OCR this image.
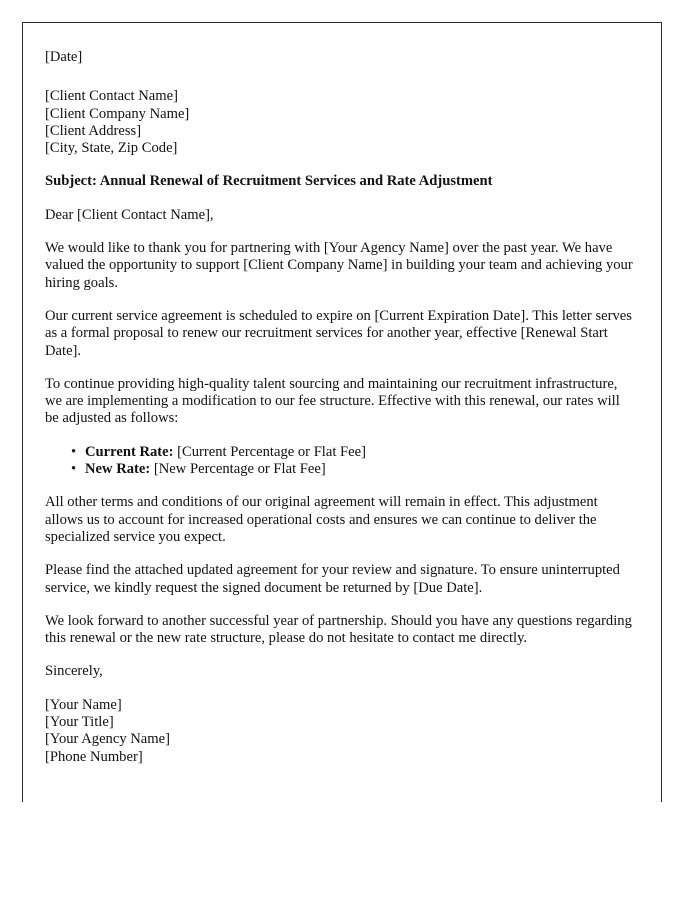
[Date]
[Client Contact Name]
[Client Company Name]
[Client Address]
[City, State, Zip Code]
Subject: Annual Renewal of Recruitment Services and Rate Adjustment
Dear [Client Contact Name],

We would like to thank you for partnering with [Your Agency Name] over the past year. We have valued the opportunity to support [Client Company Name] in building your team and achieving your hiring goals.

Our current service agreement is scheduled to expire on [Current Expiration Date]. This letter serves as a formal proposal to renew our recruitment services for another year, effective [Renewal Start Date].

To continue providing high-quality talent sourcing and maintaining our recruitment infrastructure, we are implementing a modification to our fee structure. Effective with this renewal, our rates will be adjusted as follows:

• Current Rate: [Current Percentage or Flat Fee]
• New Rate: [New Percentage or Flat Fee]

All other terms and conditions of our original agreement will remain in effect. This adjustment allows us to account for increased operational costs and ensures we can continue to deliver the specialized service you expect.

Please find the attached updated agreement for your review and signature. To ensure uninterrupted service, we kindly request the signed document be returned by [Due Date].

We look forward to another successful year of partnership. Should you have any questions regarding this renewal or the new rate structure, please do not hesitate to contact me directly.

Sincerely,
[Your Name]
[Your Title]
[Your Agency Name]
[Phone Number]
